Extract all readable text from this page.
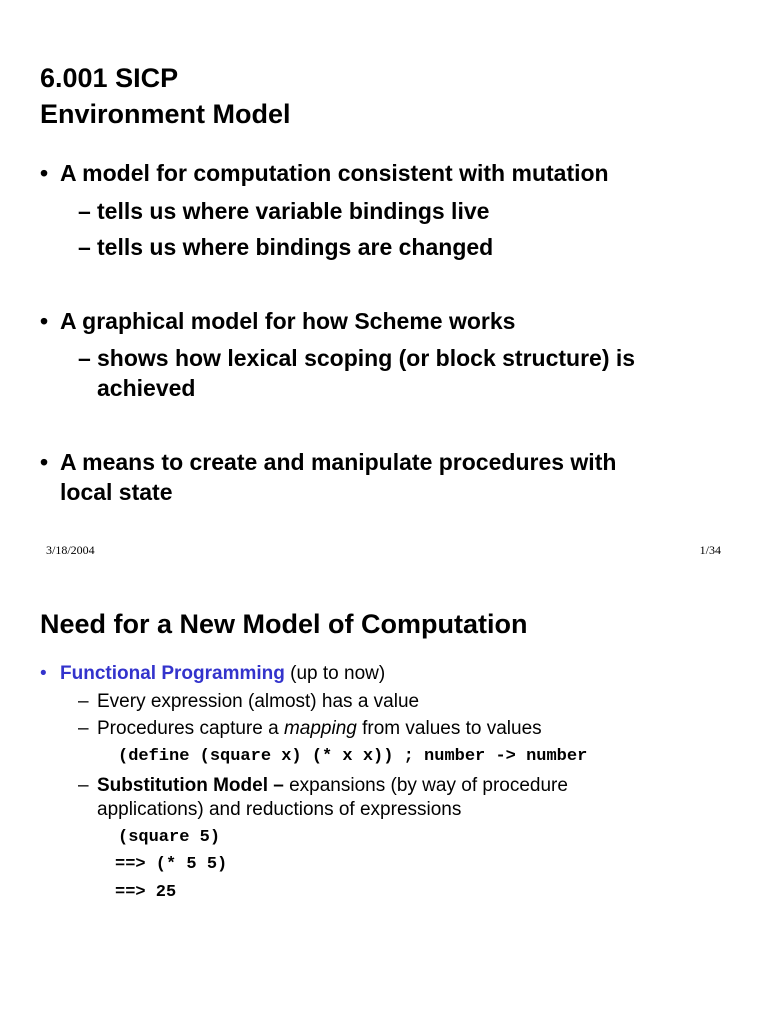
6.001 SICP
Environment Model
• A model for computation consistent with mutation
– tells us where variable bindings live
– tells us where bindings are changed
• A graphical model for how Scheme works
– shows how lexical scoping (or block structure) is
achieved
• A means to create and manipulate procedures with
local state
3/18/2004	1/34
Need for a New Model of Computation
• Functional Programming (up to now)
– Every expression (almost) has a value
– Procedures capture a mapping from values to values
(define (square x) (* x x)) ; number -> number
– Substitution Model – expansions (by way of procedure
applications) and reductions of expressions
(square 5)
==> (* 5 5)
==> 25
